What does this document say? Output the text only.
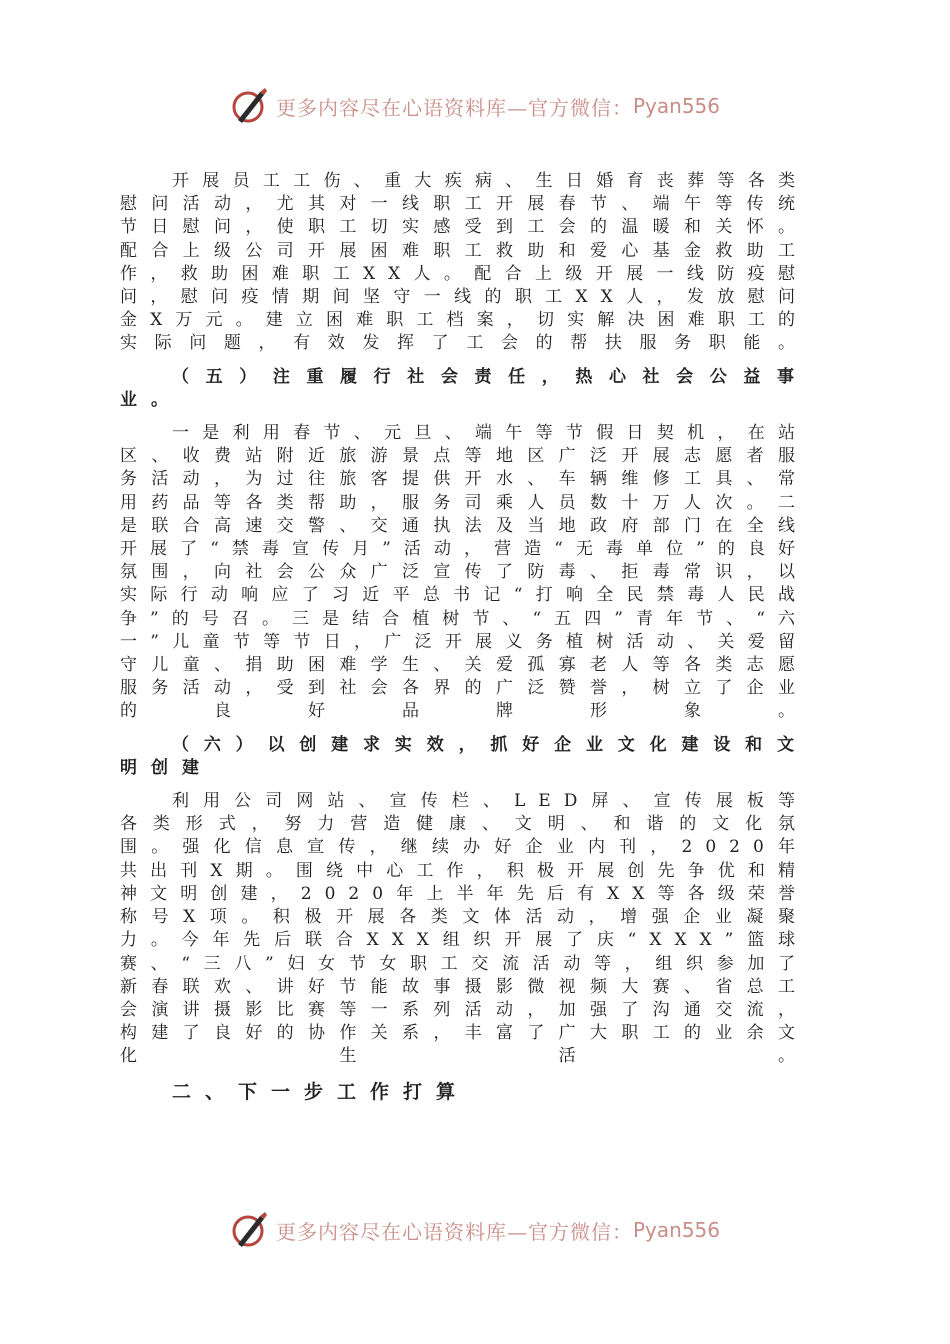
更多内容尽在心语资料库—官方微信： Pyan556

开展员工工伤、重大疾病、生日婚育丧葬等各类慰问活动，尤其对一线职工开展春节、端午等传统节日慰问，使职工切实感受到工会的温暖和关怀。配合上级公司开展困难职工救助和爱心基金救助工作，救助困难职工XX人。配合上级开展一线防疫慰问，慰问疫情期间坚守一线的职工XX人，发放慰问金X万元。建立困难职工档案，切实解决困难职工的实际问题，有效发挥了工会的帮扶服务职能。

（五）注重履行社会责任，热心社会公益事业。

一是利用春节、元旦、端午等节假日契机，在站区、收费站附近旅游景点等地区广泛开展志愿者服务活动，为过往旅客提供开水、车辆维修工具、常用药品等各类帮助，服务司乘人员数十万人次。二是联合高速交警、交通执法及当地政府部门在全线开展了“禁毒宣传月”活动，营造“无毒单位”的良好氛围，向社会公众广泛宣传了防毒、拒毒常识，以实际行动响应了习近平总书记“打响全民禁毒人民战争”的号召。三是结合植树节、“五四”青年节、“六一”儿童节等节日，广泛开展义务植树活动、关爱留守儿童、捐助困难学生、关爱孤寡老人等各类志愿服务活动，受到社会各界的广泛赞誉，树立了企业的良好品牌形象。

（六）以创建求实效，抓好企业文化建设和文明创建

利用公司网站、宣传栏、LED屏、宣传展板等各类形式，努力营造健康、文明、和谐的文化氛围。强化信息宣传，继续办好企业内刊，2020年共出刊X期。围绕中心工作，积极开展创先争优和精神文明创建，2020年上半年先后有XX等各级荣誉称号X项。积极开展各类文体活动，增强企业凝聚力。今年先后联合XXX组织开展了庆“XXX”篮球赛、“三八”妇女节女职工交流活动等，组织参加了新春联欢、讲好节能故事摄影微视频大赛、省总工会演讲摄影比赛等一系列活动，加强了沟通交流，构建了良好的协作关系，丰富了广大职工的业余文化生活。

二、下一步工作打算

更多内容尽在心语资料库—官方微信： Pyan556
